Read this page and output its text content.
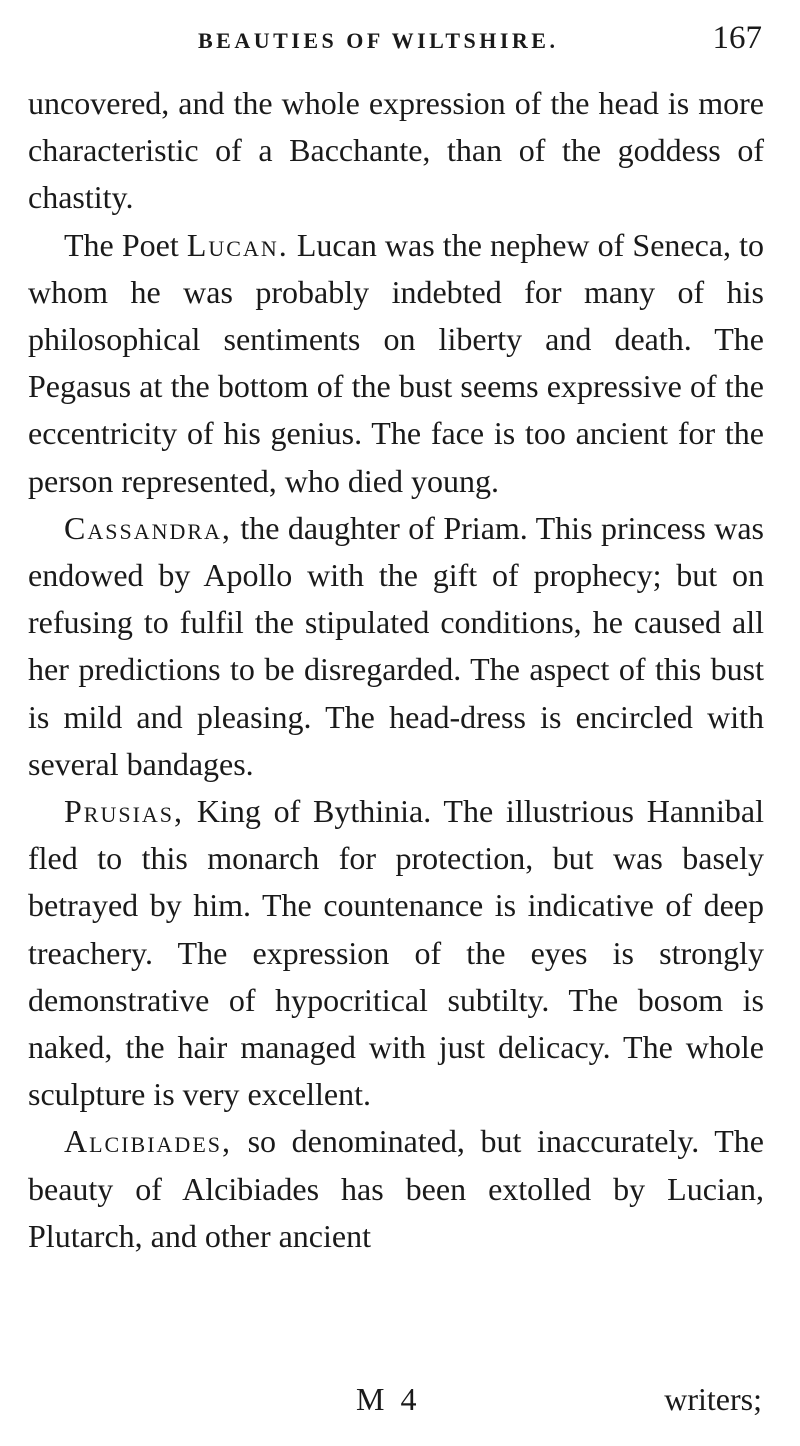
BEAUTIES OF WILTSHIRE.	167

uncovered, and the whole expression of the head is more characteristic of a Bacchante, than of the goddess of chastity.

The Poet Lucan. Lucan was the nephew of Seneca, to whom he was probably indebted for many of his philosophical sentiments on liberty and death. The Pegasus at the bottom of the bust seems expressive of the eccentricity of his genius. The face is too ancient for the person represented, who died young.

Cassandra, the daughter of Priam. This princess was endowed by Apollo with the gift of prophecy; but on refusing to fulfil the stipulated conditions, he caused all her predictions to be disregarded. The aspect of this bust is mild and pleasing. The head-dress is encircled with several bandages.

Prusias, King of Bythinia. The illustrious Hannibal fled to this monarch for protection, but was basely betrayed by him. The countenance is indicative of deep treachery. The expression of the eyes is strongly demonstrative of hypocritical subtilty. The bosom is naked, the hair managed with just delicacy. The whole sculpture is very excellent.

Alcibiades, so denominated, but inaccurately. The beauty of Alcibiades has been extolled by Lucian, Plutarch, and other ancient

M 4	writers;
